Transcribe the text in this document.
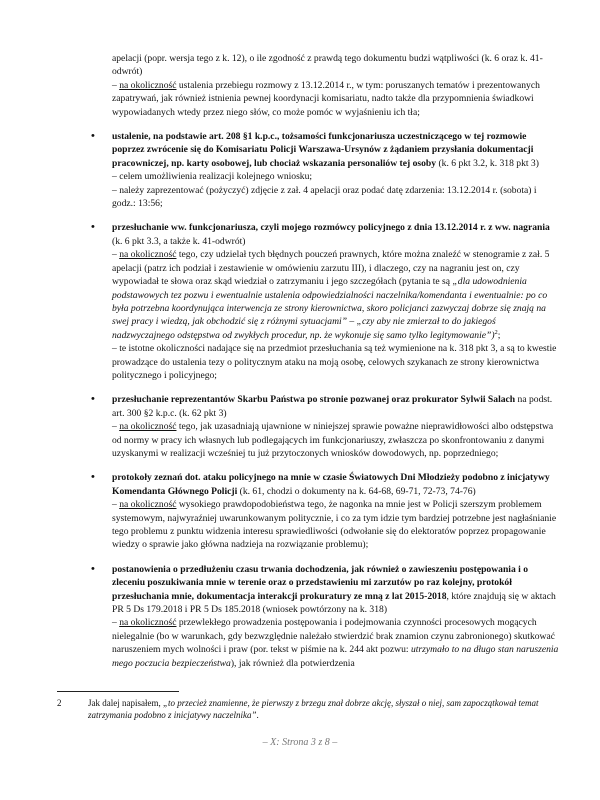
apelacji (popr. wersja tego z k. 12), o ile zgodność z prawdą tego dokumentu budzi wątpliwości (k. 6 oraz k. 41-odwrót)
– na okoliczność ustalenia przebiegu rozmowy z 13.12.2014 r., w tym: poruszanych tematów i prezentowanych zapatrywań, jak również istnienia pewnej koordynacji komisariatu, nadto także dla przypomnienia świadkowi wypowiadanych wtedy przez niego słów, co może pomóc w wyjaśnieniu ich tła;

• ustalenie, na podstawie art. 208 §1 k.p.c., tożsamości funkcjonariusza uczestniczącego w tej rozmowie poprzez zwrócenie się do Komisariatu Policji Warszawa-Ursynów z żądaniem przysłania dokumentacji pracowniczej, np. karty osobowej, lub chociaż wskazania personaliów tej osoby (k. 6 pkt 3.2, k. 318 pkt 3)
– celem umożliwienia realizacji kolejnego wniosku;
– należy zaprezentować (pożyczyć) zdjęcie z zał. 4 apelacji oraz podać datę zdarzenia: 13.12.2014 r. (sobota) i godz.: 13:56;
• przesłuchanie ww. funkcjonariusza, czyli mojego rozmówcy policyjnego z dnia 13.12.2014 r. z ww. nagrania (k. 6 pkt 3.3, a także k. 41-odwrót)
– na okoliczność tego, czy udzielał tych błędnych pouczeń prawnych, które można znaleźć w stenogramie z zał. 5 apelacji (patrz ich podział i zestawienie w omówieniu zarzutu III), i dlaczego, czy na nagraniu jest on, czy wypowiadał te słowa oraz skąd wiedział o zatrzymaniu i jego szczegółach (pytania te są „dla udowodnienia podstawowych tez pozwu i ewentualnie ustalenia odpowiedzialności naczelnika/komendanta i ewentualnie: po co była potrzebna koordynująca interwencja ze strony kierownictwa, skoro policjanci zazwyczaj dobrze się znają na swej pracy i wiedzą, jak obchodzić się z różnymi sytuacjami” – „czy aby nie zmierzał to do jakiegoś nadzwyczajnego odstępstwa od zwykłych procedur, np. że wykonuje się samo tylko legitymowanie”)$^2$;
– te istotne okoliczności nadające się na przedmiot przesłuchania są też wymienione na k. 318 pkt 3, a są to kwestie prowadzące do ustalenia tezy o politycznym ataku na moją osobę, celowych szykanach ze strony kierownictwa politycznego i policyjnego;
• przesłuchanie reprezentantów Skarbu Państwa po stronie pozwanej oraz prokurator Sylwii Salach na podst. art. 300 §2 k.p.c. (k. 62 pkt 3)
– na okoliczność tego, jak uzasadniają ujawnione w niniejszej sprawie poważne nieprawidłowości albo odstępstwa od normy w pracy ich własnych lub podlegających im funkcjonariuszy, zwłaszcza po skonfrontowaniu z danymi uzyskanymi w realizacji wcześniej tu już przytoczonych wniosków dowodowych, np. poprzedniego;
• protokoły zeznań dot. ataku policyjnego na mnie w czasie Światowych Dni Młodzieży podobno z inicjatywy Komendanta Głównego Policji (k. 61, chodzi o dokumenty na k. 64-68, 69-71, 72-73, 74-76)
– na okoliczność wysokiego prawdopodobieństwa tego, że nagonka na mnie jest w Policji szerszym problemem systemowym, najwyraźniej uwarunkowanym politycznie, i co za tym idzie tym bardziej potrzebne jest nagłaśnianie tego problemu z punktu widzenia interesu sprawiedliwości (odwołanie się do elektoratów poprzez propagowanie wiedzy o sprawie jako główna nadzieja na rozwiązanie problemu);
• postanowienia o przedłużeniu czasu trwania dochodzenia, jak również o zawieszeniu postępowania i o zleceniu poszukiwania mnie w terenie oraz o przedstawieniu mi zarzutów po raz kolejny, protokół przesłuchania mnie, dokumentacja interakcji prokuratury ze mną z lat 2015-2018, które znajdują się w aktach PR 5 Ds 179.2018 i PR 5 Ds 185.2018 (wniosek powtórzony na k. 318)
– na okoliczność przewlekłego prowadzenia postępowania i podejmowania czynności procesowych mogących nielegalnie (bo w warunkach, gdy bezwzględnie należało stwierdzić brak znamion czynu zabronionego) skutkować naruszeniem mych wolności i praw (por. tekst w piśmie na k. 244 akt pozwu: utrzymało to na długo stan naruszenia mego poczucia bezpieczeństwa), jak również dla potwierdzenia
2	Jak dalej napisałem, „to przecież znamienne, że pierwszy z brzegu znał dobrze akcję, słyszał o niej, sam zapoczątkował temat zatrzymania podobno z inicjatywy naczelnika”.
– X: Strona 3 z 8 –
